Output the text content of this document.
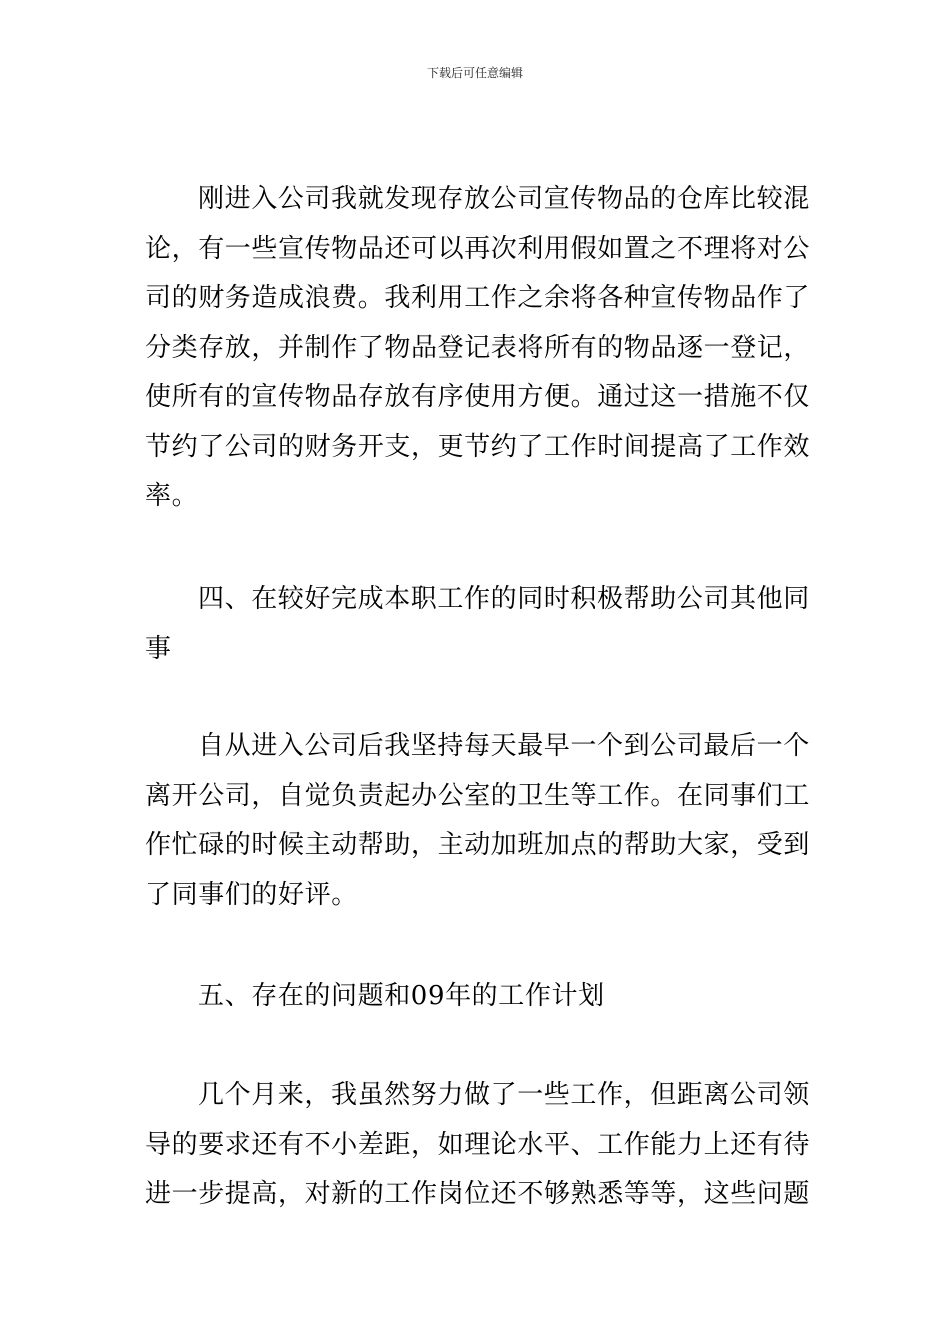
下载后可任意编辑
刚进入公司我就发现存放公司宣传物品的仓库比较混
论，有一些宣传物品还可以再次利用假如置之不理将对公
司的财务造成浪费。我利用工作之余将各种宣传物品作了
分类存放，并制作了物品登记表将所有的物品逐一登记，
使所有的宣传物品存放有序使用方便。通过这一措施不仅
节约了公司的财务开支，更节约了工作时间提高了工作效
率。
四、在较好完成本职工作的同时积极帮助公司其他同
事
自从进入公司后我坚持每天最早一个到公司最后一个
离开公司，自觉负责起办公室的卫生等工作。在同事们工
作忙碌的时候主动帮助，主动加班加点的帮助大家，受到
了同事们的好评。
五、存在的问题和09年的工作计划
几个月来，我虽然努力做了一些工作，但距离公司领
导的要求还有不小差距，如理论水平、工作能力上还有待
进一步提高，对新的工作岗位还不够熟悉等等，这些问题
